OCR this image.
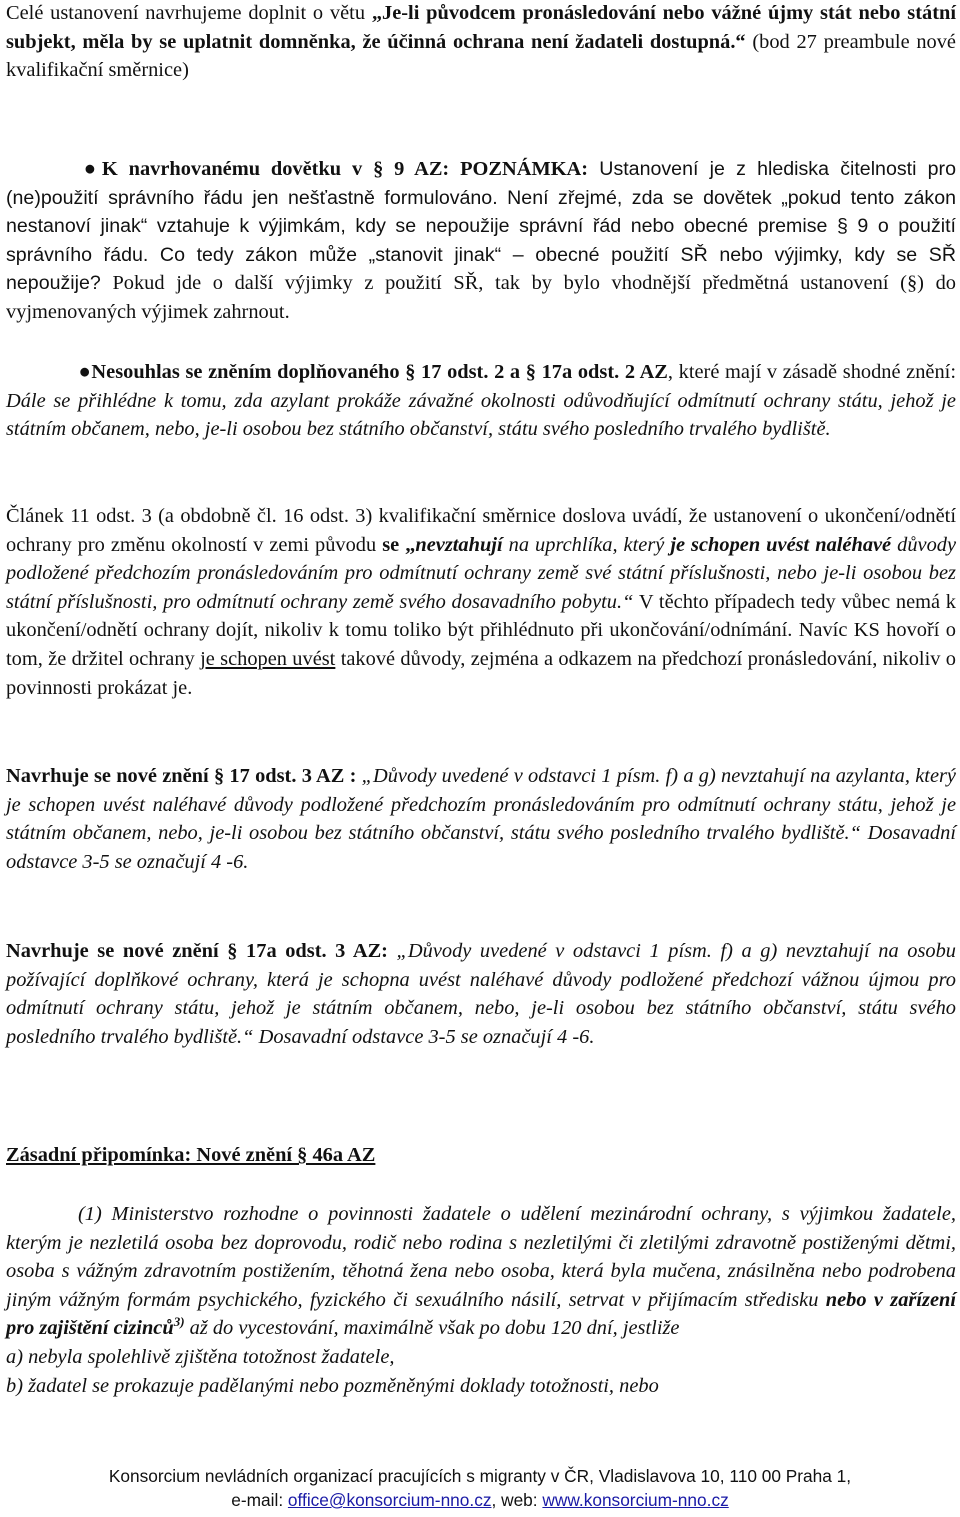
Celé ustanovení navrhujeme doplnit o větu „Je-li původcem pronásledování nebo vážné újmy stát nebo státní subjekt, měla by se uplatnit domněnka, že účinná ochrana není žadateli dostupná.“ (bod 27 preambule nové kvalifikační směrnice)

●K navrhovanému dovětku v § 9 AZ: POZNÁMKA: Ustanovení je z hlediska čitelnosti pro (ne)použití správního řádu jen nešťastně formulováno. Není zřejmé, zda se dovětek „pokud tento zákon nestanoví jinak“ vztahuje k výjimkám, kdy se nepoužije správní řád nebo obecné premise § 9 o použití správního řádu. Co tedy zákon může „stanovit jinak“ – obecné použití SŘ nebo výjimky, kdy se SŘ nepoužije? Pokud jde o další výjimky z použití SŘ, tak by bylo vhodnější předmětná ustanovení (§) do vyjmenovaných výjimek zahrnout.

●Nesouhlas se zněním doplňovaného § 17 odst. 2 a § 17a odst. 2 AZ, které mají v zásadě shodné znění: Dále se přihlédne k tomu, zda azylant prokáže závažné okolnosti odůvodňující odmítnutí ochrany státu, jehož je státním občanem, nebo, je-li osobou bez státního občanství, státu svého posledního trvalého bydliště.

Článek 11 odst. 3 (a obdobně čl. 16 odst. 3) kvalifikační směrnice doslova uvádí, že ustanovení o ukončení/odnětí ochrany pro změnu okolností v zemi původu se „nevztahují na uprchlíka, který je schopen uvést naléhavé důvody podložené předchozím pronásledováním pro odmítnutí ochrany země své státní příslušnosti, nebo je-li osobou bez státní příslušnosti, pro odmítnutí ochrany země svého dosavadního pobytu.“ V těchto případech tedy vůbec nemá k ukončení/odnětí ochrany dojít, nikoliv k tomu toliko být přihlédnuto při ukončování/odnímání. Navíc KS hovoří o tom, že držitel ochrany je schopen uvést takové důvody, zejména a odkazem na předchozí pronásledování, nikoliv o povinnosti prokázat je.

Navrhuje se nové znění § 17 odst. 3 AZ : „Důvody uvedené v odstavci 1 písm. f) a g) nevztahují na azylanta, který je schopen uvést naléhavé důvody podložené předchozím pronásledováním pro odmítnutí ochrany státu, jehož je státním občanem, nebo, je-li osobou bez státního občanství, státu svého posledního trvalého bydliště.“ Dosavadní odstavce 3-5 se označují 4 -6.

Navrhuje se nové znění § 17a odst. 3 AZ: „Důvody uvedené v odstavci 1 písm. f) a g) nevztahují na osobu požívající doplňkové ochrany, která je schopna uvést naléhavé důvody podložené předchozí vážnou újmou pro odmítnutí ochrany státu, jehož je státním občanem, nebo, je-li osobou bez státního občanství, státu svého posledního trvalého bydliště.“ Dosavadní odstavce 3-5 se označují 4 -6.

Zásadní připomínka: Nové znění § 46a AZ

(1) Ministerstvo rozhodne o povinnosti žadatele o udělení mezinárodní ochrany, s výjimkou žadatele, kterým je nezletilá osoba bez doprovodu, rodič nebo rodina s nezletilými či zletilými zdravotně postiženými dětmi, osoba s vážným zdravotním postižením, těhotná žena nebo osoba, která byla mučena, znásilněna nebo podrobena jiným vážným formám psychického, fyzického či sexuálního násilí, setrvat v přijímacím středisku nebo v zařízení pro zajištění cizinců$^{3)}$ až do vycestování, maximálně však po dobu 120 dní, jestliže
a) nebyla spolehlivě zjištěna totožnost žadatele,
b) žadatel se prokazuje padělanými nebo pozměněnými doklady totožnosti, nebo

Konsorcium nevládních organizací pracujících s migranty v ČR, Vladislavova 10, 110 00 Praha 1,
e-mail: office@konsorcium-nno.cz, web: www.konsorcium-nno.cz
